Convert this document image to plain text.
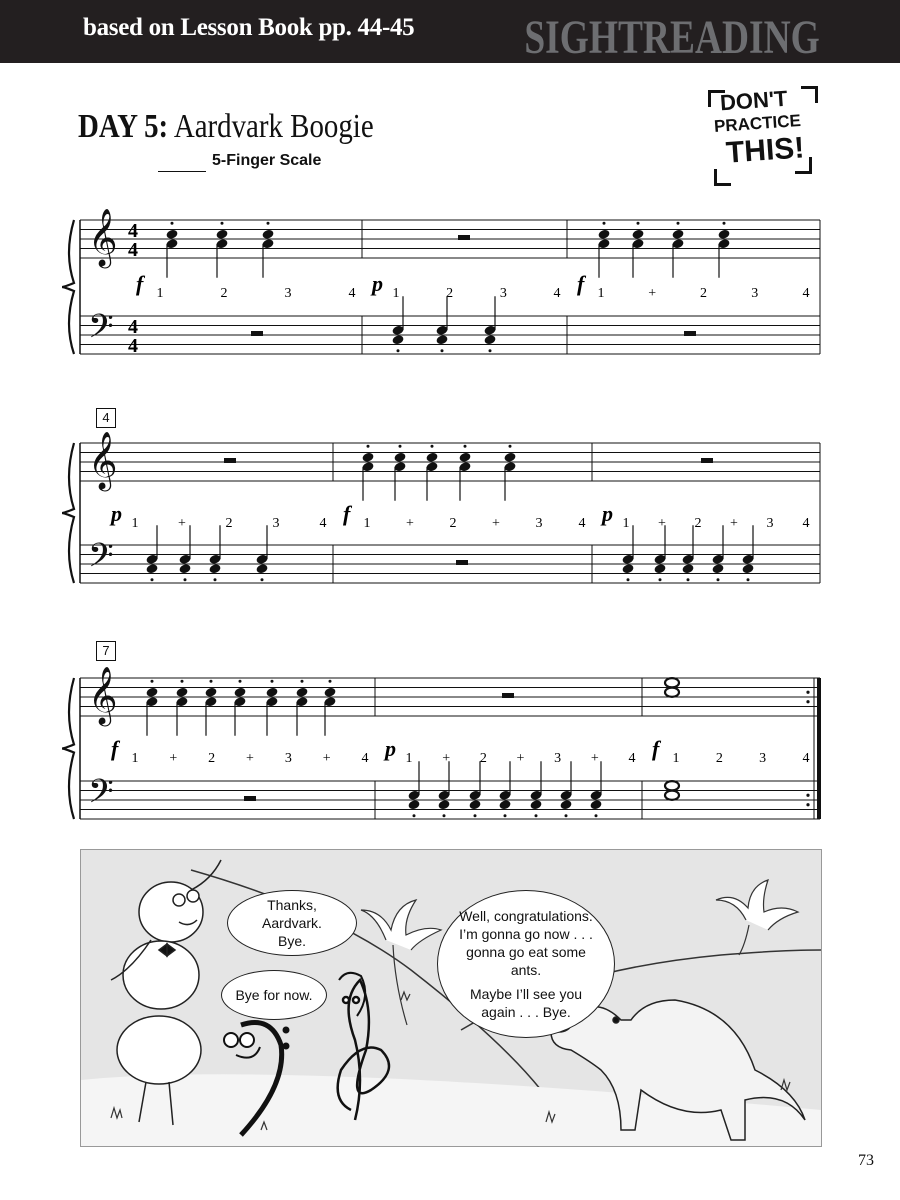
based on Lesson Book pp. 44-45 SIGHTREADING
DAY 5: Aardvark Boogie
5-Finger Scale
DON'T
PRACTICE
THIS!
𝄞
𝄢
4
4
4
4
1	2	3	4
f	1	2	3	4
p	1	+	2	3	4
f
𝄞
𝄢
1	+	2	3	4
p	1	+	2	+	3	4
f	1 + 2 + 3 4
p
𝄞
𝄢
1 + 2 + 3 + 4
f	1 + 2 + 3 + 4
p	1	2	3	4
f
4
7
Thanks, Aardvark. Bye.
Bye for now.
Well, congratulations. I’m gonna go now . . . gonna go eat some ants.
Maybe I’ll see you again . . . Bye.
73
